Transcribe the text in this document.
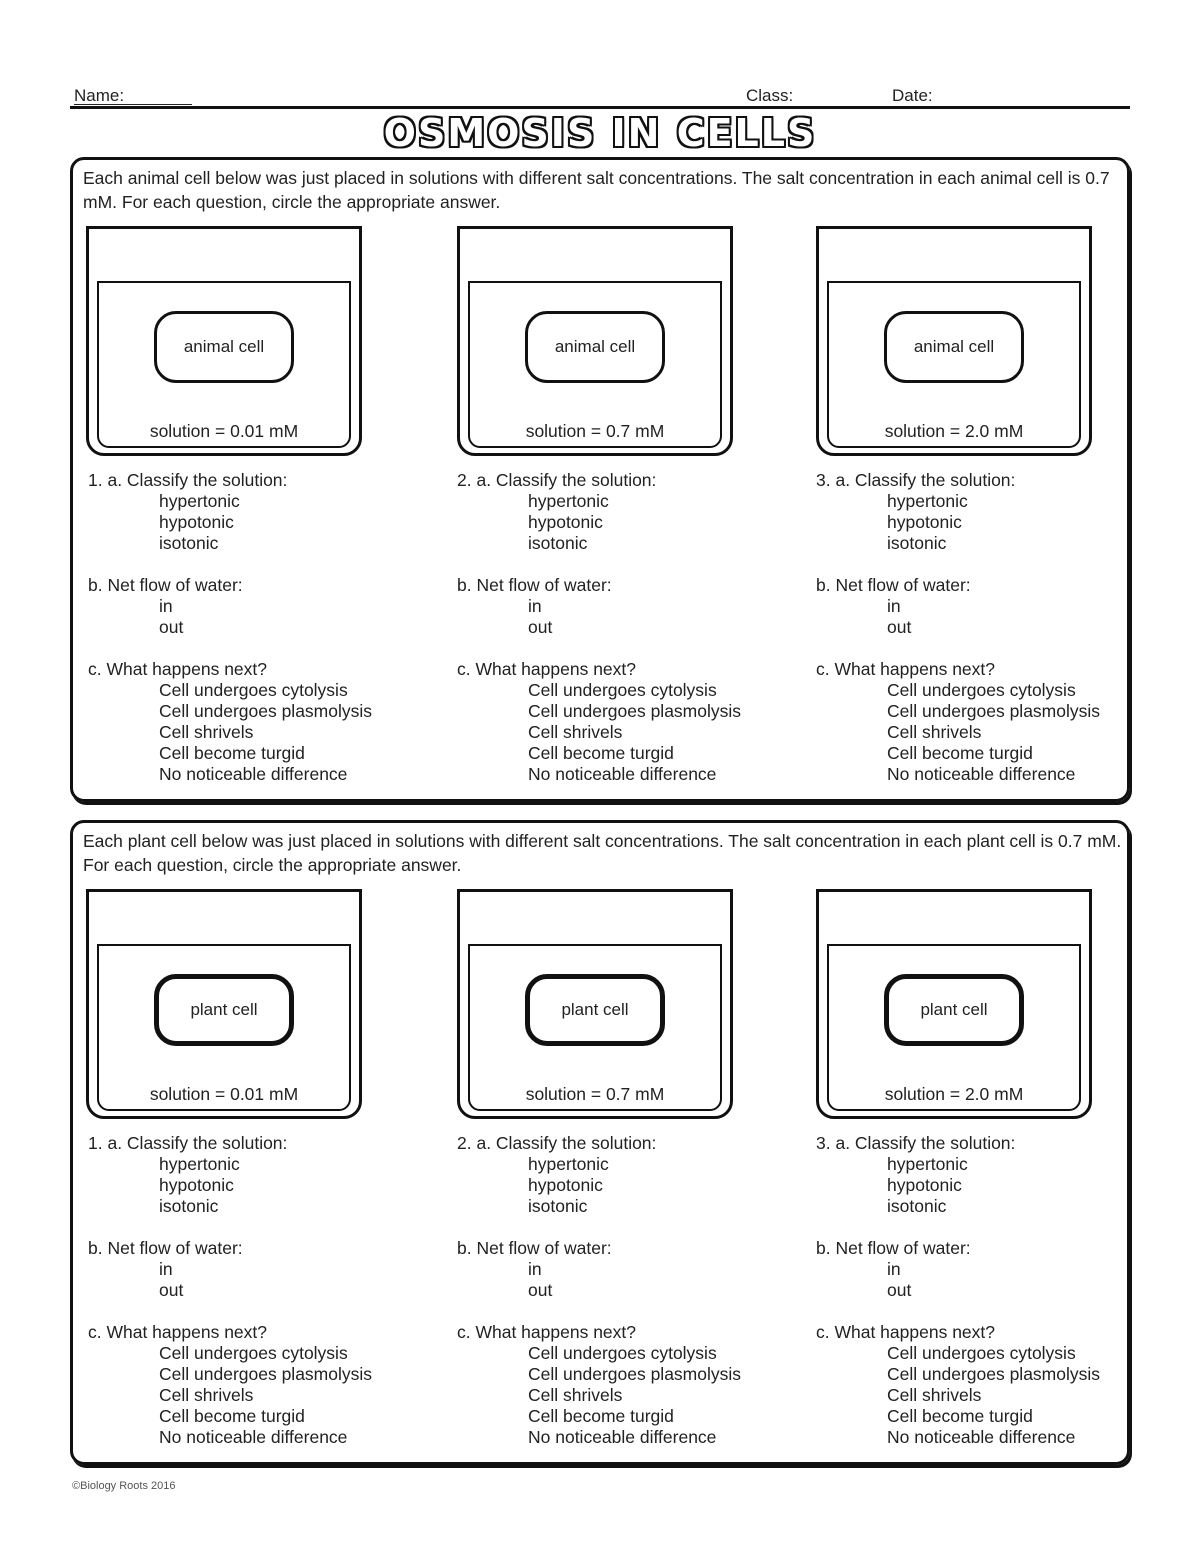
Name:	Class:	Date:
OSMOSIS IN CELLS
Each animal cell below was just placed in solutions with different salt concentrations. The salt concentration in each animal cell is 0.7 mM. For each question, circle the appropriate answer.
animal cell
solution = 0.01 mM
animal cell
solution = 0.7 mM
animal cell
solution = 2.0 mM
1. a. Classify the solution:
hypertonic
hypotonic
isotonic
b. Net flow of water:
in
out
c. What happens next?
Cell undergoes cytolysis
Cell undergoes plasmolysis
Cell shrivels
Cell become turgid
No noticeable difference
2. a. Classify the solution:
hypertonic
hypotonic
isotonic
b. Net flow of water:
in
out
c. What happens next?
Cell undergoes cytolysis
Cell undergoes plasmolysis
Cell shrivels
Cell become turgid
No noticeable difference
3. a. Classify the solution:
hypertonic
hypotonic
isotonic
b. Net flow of water:
in
out
c. What happens next?
Cell undergoes cytolysis
Cell undergoes plasmolysis
Cell shrivels
Cell become turgid
No noticeable difference
Each plant cell below was just placed in solutions with different salt concentrations. The salt concentration in each plant cell is 0.7 mM. For each question, circle the appropriate answer.
plant cell
solution = 0.01 mM
plant cell
solution = 0.7 mM
plant cell
solution = 2.0 mM
1. a. Classify the solution:
hypertonic
hypotonic
isotonic
b. Net flow of water:
in
out
c. What happens next?
Cell undergoes cytolysis
Cell undergoes plasmolysis
Cell shrivels
Cell become turgid
No noticeable difference
2. a. Classify the solution:
hypertonic
hypotonic
isotonic
b. Net flow of water:
in
out
c. What happens next?
Cell undergoes cytolysis
Cell undergoes plasmolysis
Cell shrivels
Cell become turgid
No noticeable difference
3. a. Classify the solution:
hypertonic
hypotonic
isotonic
b. Net flow of water:
in
out
c. What happens next?
Cell undergoes cytolysis
Cell undergoes plasmolysis
Cell shrivels
Cell become turgid
No noticeable difference
©Biology Roots 2016
